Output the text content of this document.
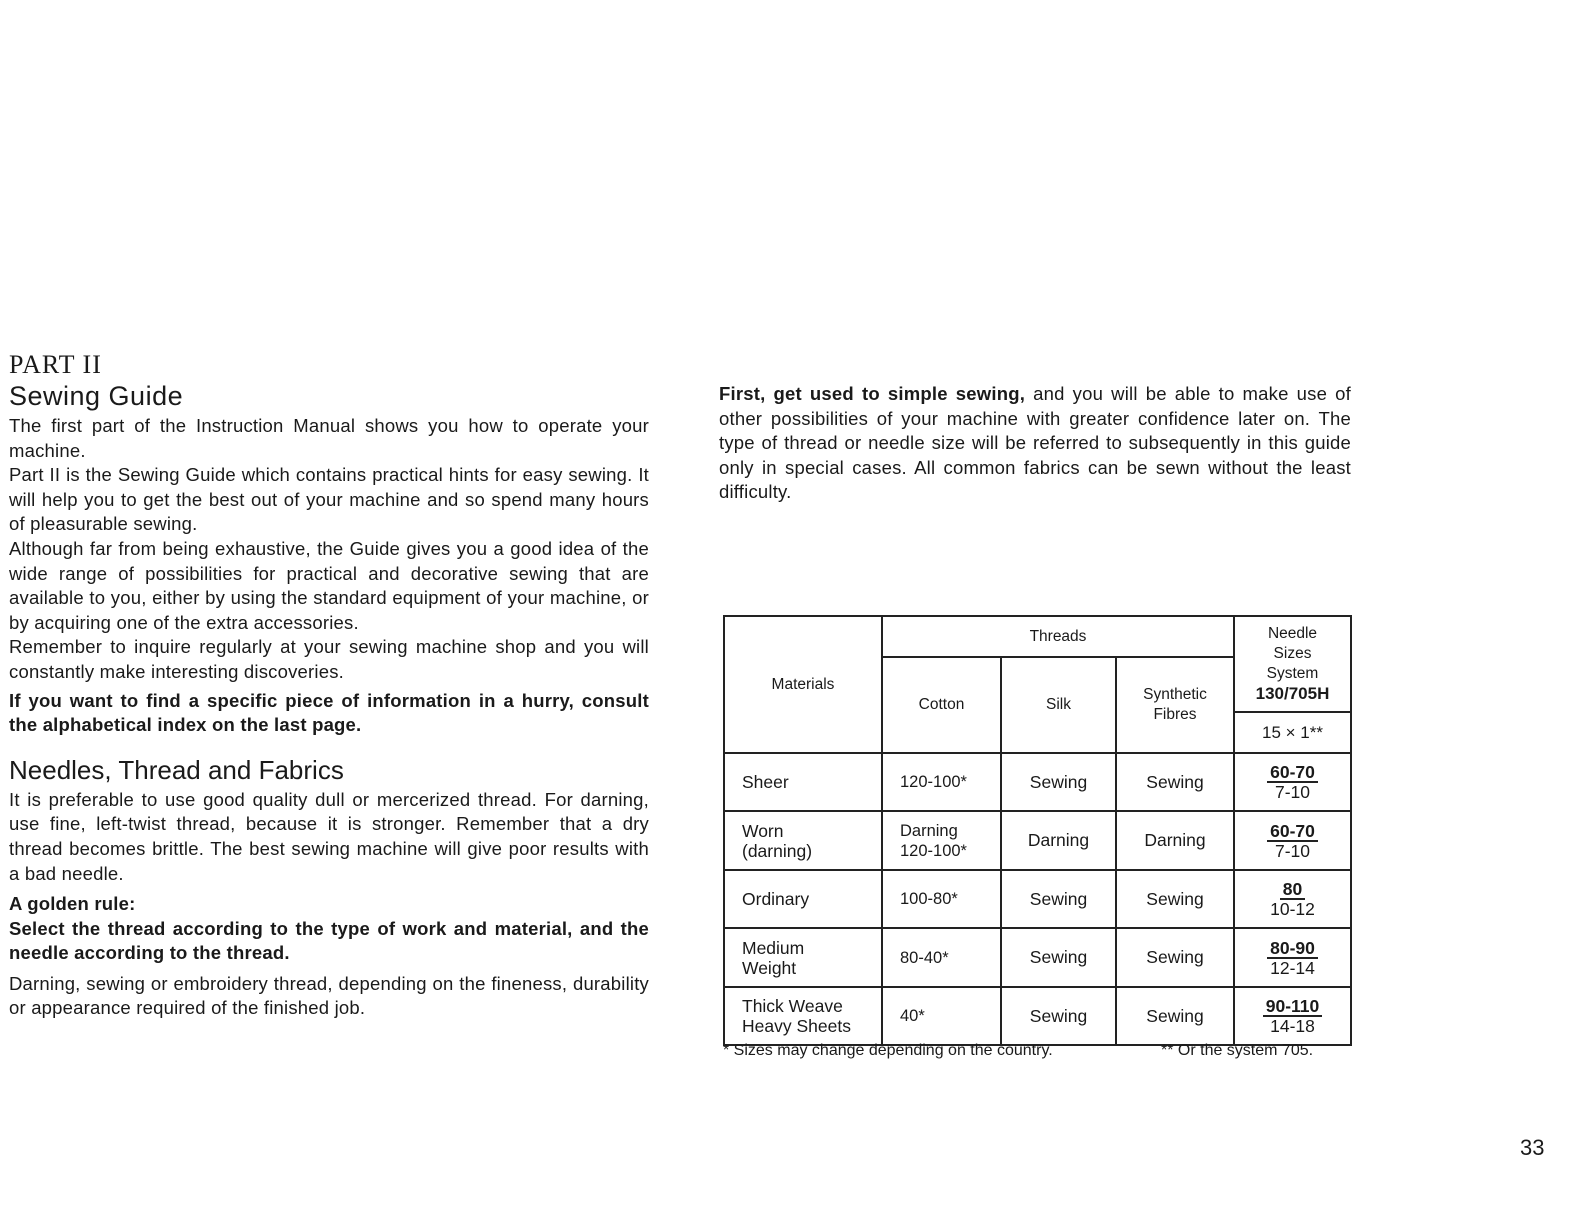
PART II
Sewing Guide

The first part of the Instruction Manual shows you how to operate your machine.

Part II is the Sewing Guide which contains practical hints for easy sewing. It will help you to get the best out of your machine and so spend many hours of pleasurable sewing.

Although far from being exhaustive, the Guide gives you a good idea of the wide range of possibilities for practical and decorative sewing that are available to you, either by using the standard equipment of your machine, or by acquiring one of the extra accessories.

Remember to inquire regularly at your sewing machine shop and you will constantly make interesting discoveries.

If you want to find a specific piece of information in a hurry, consult the alphabetical index on the last page.

Needles, Thread and Fabrics

It is preferable to use good quality dull or mercerized thread. For darning, use fine, left-twist thread, because it is stronger. Remember that a dry thread becomes brittle. The best sewing machine will give poor results with a bad needle.

A golden rule:

Select the thread according to the type of work and material, and the needle according to the thread.

Darning, sewing or embroidery thread, depending on the fineness, durability or appearance required of the finished job.

First, get used to simple sewing, and you will be able to make use of other possibilities of your machine with greater confidence later on. The type of thread or needle size will be referred to subsequently in this guide only in special cases. All common fabrics can be sewn without the least difficulty.

Materials	Threads			Needle Sizes System
130/705H

	Cotton	Silk	Synthetic Fibres	

				15 × 1**
Sheer	120-100*	Sewing	Sewing	60-70
7-10

Worn (darning)	Darning 120-100*	Darning	Darning	60-70
7-10

Ordinary	100-80*	Sewing	Sewing	80
10-12

Medium Weight	80-40*	Sewing	Sewing	80-90
12-14

Thick Weave Heavy Sheets	40*	Sewing	Sewing	90-110
14-18
* Sizes may change depending on the country.	** Or the system 705.
33
